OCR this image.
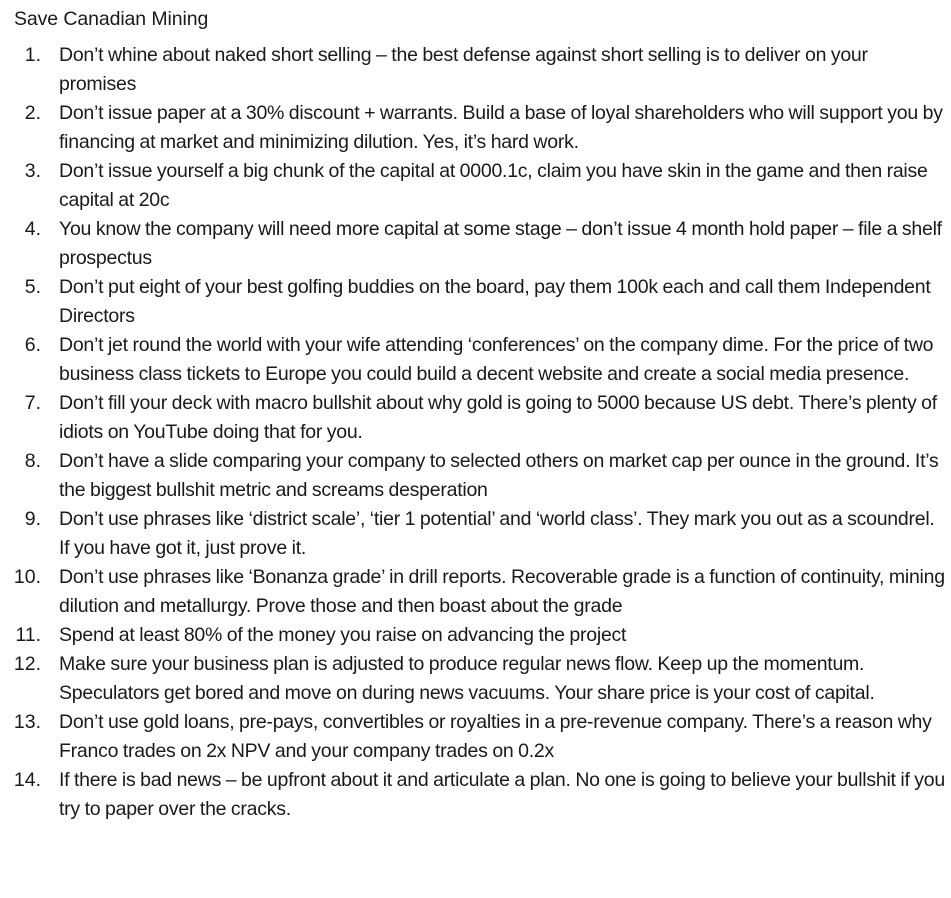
Save Canadian Mining
1. Don’t whine about naked short selling – the best defense against short selling is to deliver on your promises
2. Don’t issue paper at a 30% discount + warrants. Build a base of loyal shareholders who will support you by financing at market and minimizing dilution. Yes, it’s hard work.
3. Don’t issue yourself a big chunk of the capital at 0000.1c, claim you have skin in the game and then raise capital at 20c
4. You know the company will need more capital at some stage – don’t issue 4 month hold paper – file a shelf prospectus
5. Don’t put eight of your best golfing buddies on the board, pay them 100k each and call them Independent Directors
6. Don’t jet round the world with your wife attending ‘conferences’ on the company dime. For the price of two business class tickets to Europe you could build a decent website and create a social media presence.
7. Don’t fill your deck with macro bullshit about why gold is going to 5000 because US debt. There’s plenty of idiots on YouTube doing that for you.
8. Don’t have a slide comparing your company to selected others on market cap per ounce in the ground. It’s the biggest bullshit metric and screams desperation
9. Don’t use phrases like ‘district scale’, ‘tier 1 potential’ and ‘world class’. They mark you out as a scoundrel. If you have got it, just prove it.
10. Don’t use phrases like ‘Bonanza grade’ in drill reports. Recoverable grade is a function of continuity, mining dilution and metallurgy. Prove those and then boast about the grade
11. Spend at least 80% of the money you raise on advancing the project
12. Make sure your business plan is adjusted to produce regular news flow. Keep up the momentum. Speculators get bored and move on during news vacuums. Your share price is your cost of capital.
13. Don’t use gold loans, pre-pays, convertibles or royalties in a pre-revenue company. There’s a reason why Franco trades on 2x NPV and your company trades on 0.2x
14. If there is bad news – be upfront about it and articulate a plan. No one is going to believe your bullshit if you try to paper over the cracks.
